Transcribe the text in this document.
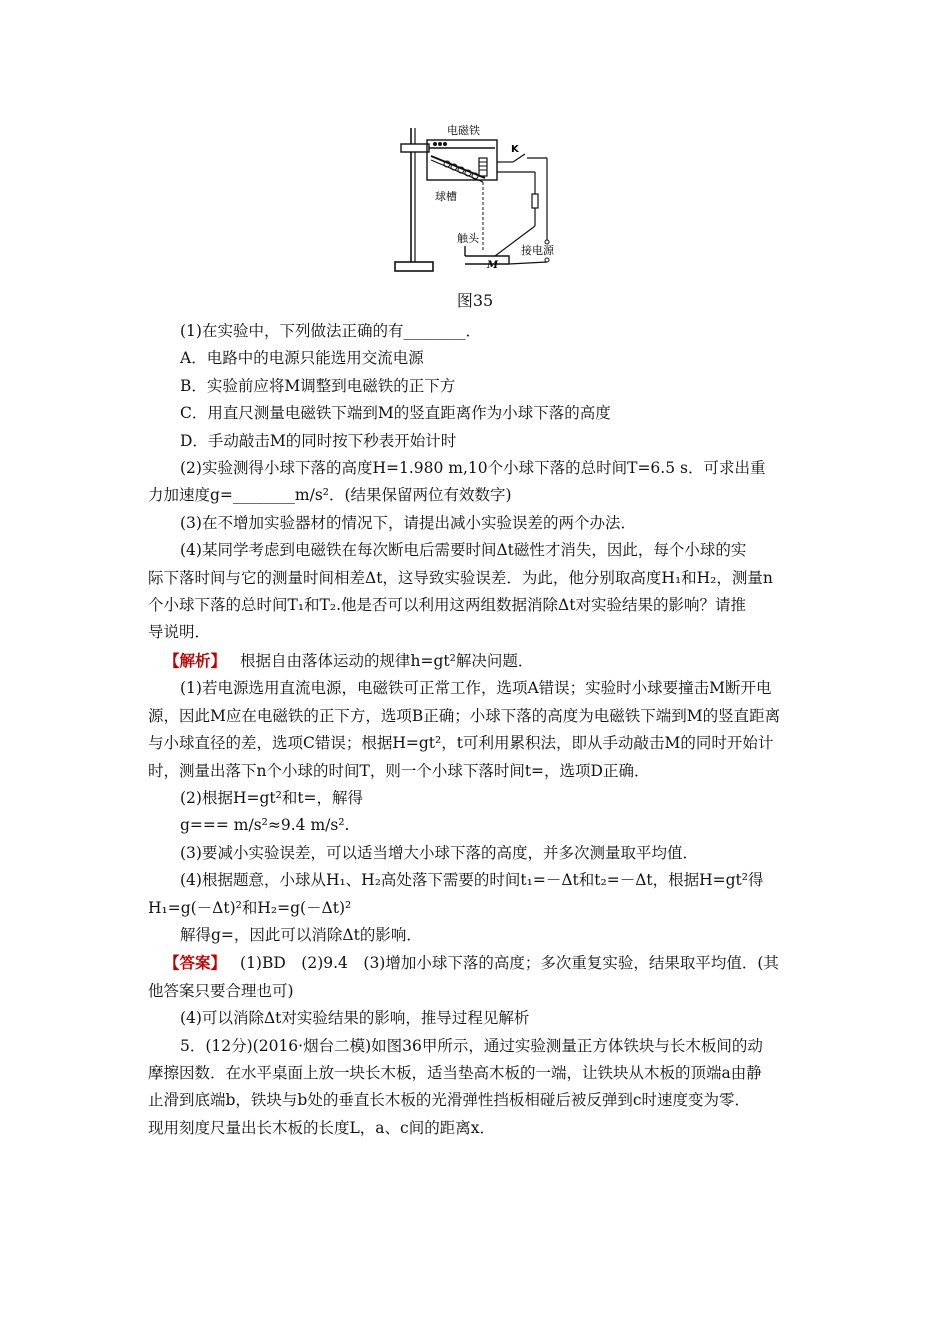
电磁铁
K
球槽
触头
接电源
M
图35
(1)在实验中，下列做法正确的有________．
A．电路中的电源只能选用交流电源
B．实验前应将M调整到电磁铁的正下方
C．用直尺测量电磁铁下端到M的竖直距离作为小球下落的高度
D．手动敲击M的同时按下秒表开始计时
(2)实验测得小球下落的高度H=1.980 m,10个小球下落的总时间T=6.5 s．可求出重
力加速度g=________m/s²．(结果保留两位有效数字)
(3)在不增加实验器材的情况下，请提出减小实验误差的两个办法．
(4)某同学考虑到电磁铁在每次断电后需要时间Δt磁性才消失，因此，每个小球的实
际下落时间与它的测量时间相差Δt，这导致实验误差．为此，他分别取高度H₁和H₂，测量n
个小球下落的总时间T₁和T₂.他是否可以利用这两组数据消除Δt对实验结果的影响？请推
导说明．
【解析】 根据自由落体运动的规律h=gt²解决问题．
(1)若电源选用直流电源，电磁铁可正常工作，选项A错误；实验时小球要撞击M断开电
源，因此M应在电磁铁的正下方，选项B正确；小球下落的高度为电磁铁下端到M的竖直距离
与小球直径的差，选项C错误；根据H=gt²，t可利用累积法，即从手动敲击M的同时开始计
时，测量出落下n个小球的时间T，则一个小球下落时间t=，选项D正确．
(2)根据H=gt²和t=，解得
g=== m/s²≈9.4 m/s².
(3)要减小实验误差，可以适当增大小球下落的高度，并多次测量取平均值．
(4)根据题意，小球从H₁、H₂高处落下需要的时间t₁=－Δt和t₂=－Δt，根据H=gt²得
H₁=g(－Δt)²和H₂=g(－Δt)²
解得g=，因此可以消除Δt的影响．
【答案】 (1)BD　(2)9.4　(3)增加小球下落的高度；多次重复实验，结果取平均值．(其
他答案只要合理也可)
(4)可以消除Δt对实验结果的影响，推导过程见解析
5．(12分)(2016·烟台二模)如图36甲所示，通过实验测量正方体铁块与长木板间的动
摩擦因数．在水平桌面上放一块长木板，适当垫高木板的一端，让铁块从木板的顶端a由静
止滑到底端b，铁块与b处的垂直长木板的光滑弹性挡板相碰后被反弹到c时速度变为零．
现用刻度尺量出长木板的长度L，a、c间的距离x．
